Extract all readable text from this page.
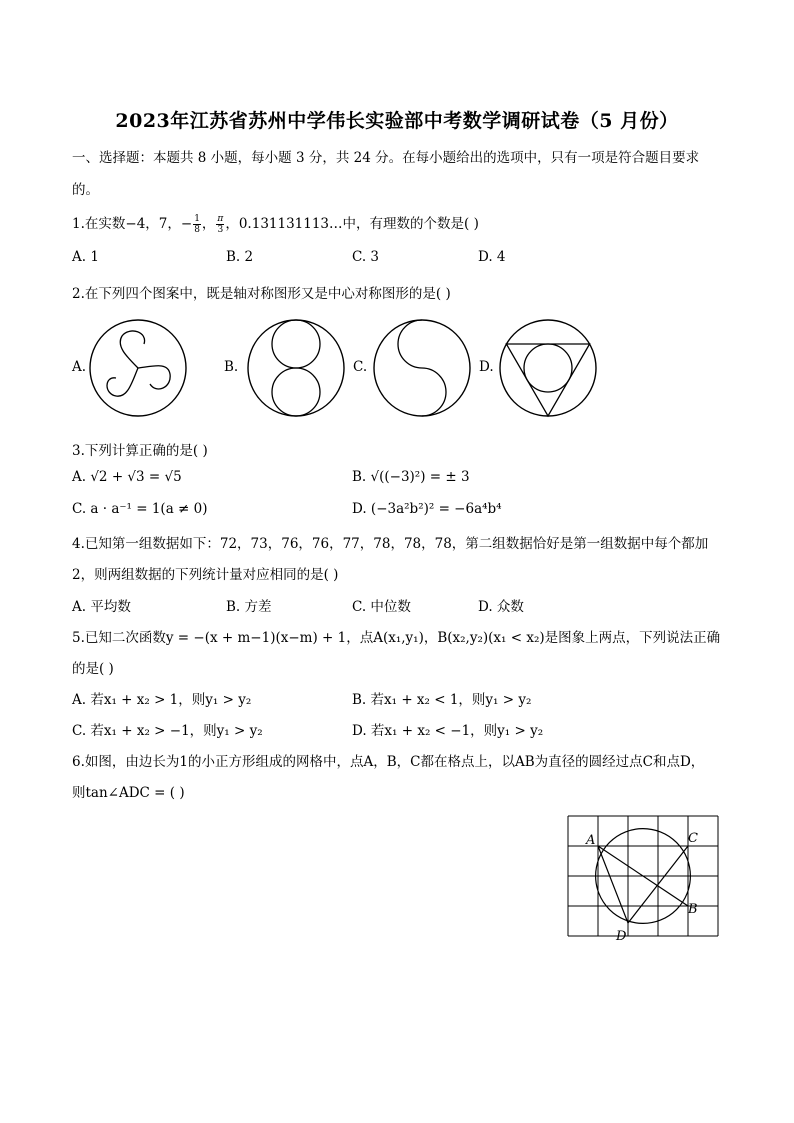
2023年江苏省苏州中学伟长实验部中考数学调研试卷（5 月份）
一、选择题：本题共 8 小题，每小题 3 分，共 24 分。在每小题给出的选项中，只有一项是符合题目要求
的。
1.在实数−4，7，− $\frac{1}{8}$ ， $\frac{\pi}{3}$ ，0.131131113…中，有理数的个数是( )
A. 1	B. 2	C. 3	D. 4
2.在下列四个图案中，既是轴对称图形又是中心对称图形的是( )
A.	B.	C.	D.
3.下列计算正确的是( )
A. √2 + √3 = √5	B. √((−3)²) = ± 3
C. a · a⁻¹ = 1(a ≠ 0)	D. (−3a²b²)² = −6a⁴b⁴
4.已知第一组数据如下：72，73，76，76，77，78，78，78，第二组数据恰好是第一组数据中每个都加
2，则两组数据的下列统计量对应相同的是( )
A. 平均数	B. 方差	C. 中位数	D. 众数
5.已知二次函数y = −(x + m−1)(x−m) + 1，点A(x₁,y₁)，B(x₂,y₂)(x₁ < x₂)是图象上两点，下列说法正确
的是( )
A. 若x₁ + x₂ > 1，则y₁ > y₂	B. 若x₁ + x₂ < 1，则y₁ > y₂
C. 若x₁ + x₂ > −1，则y₁ > y₂	D. 若x₁ + x₂ < −1，则y₁ > y₂
6.如图，由边长为1的小正方形组成的网格中，点A，B，C都在格点上，以AB为直径的圆经过点C和点D，
则tan∠ADC = ( )
A
B
C
D
